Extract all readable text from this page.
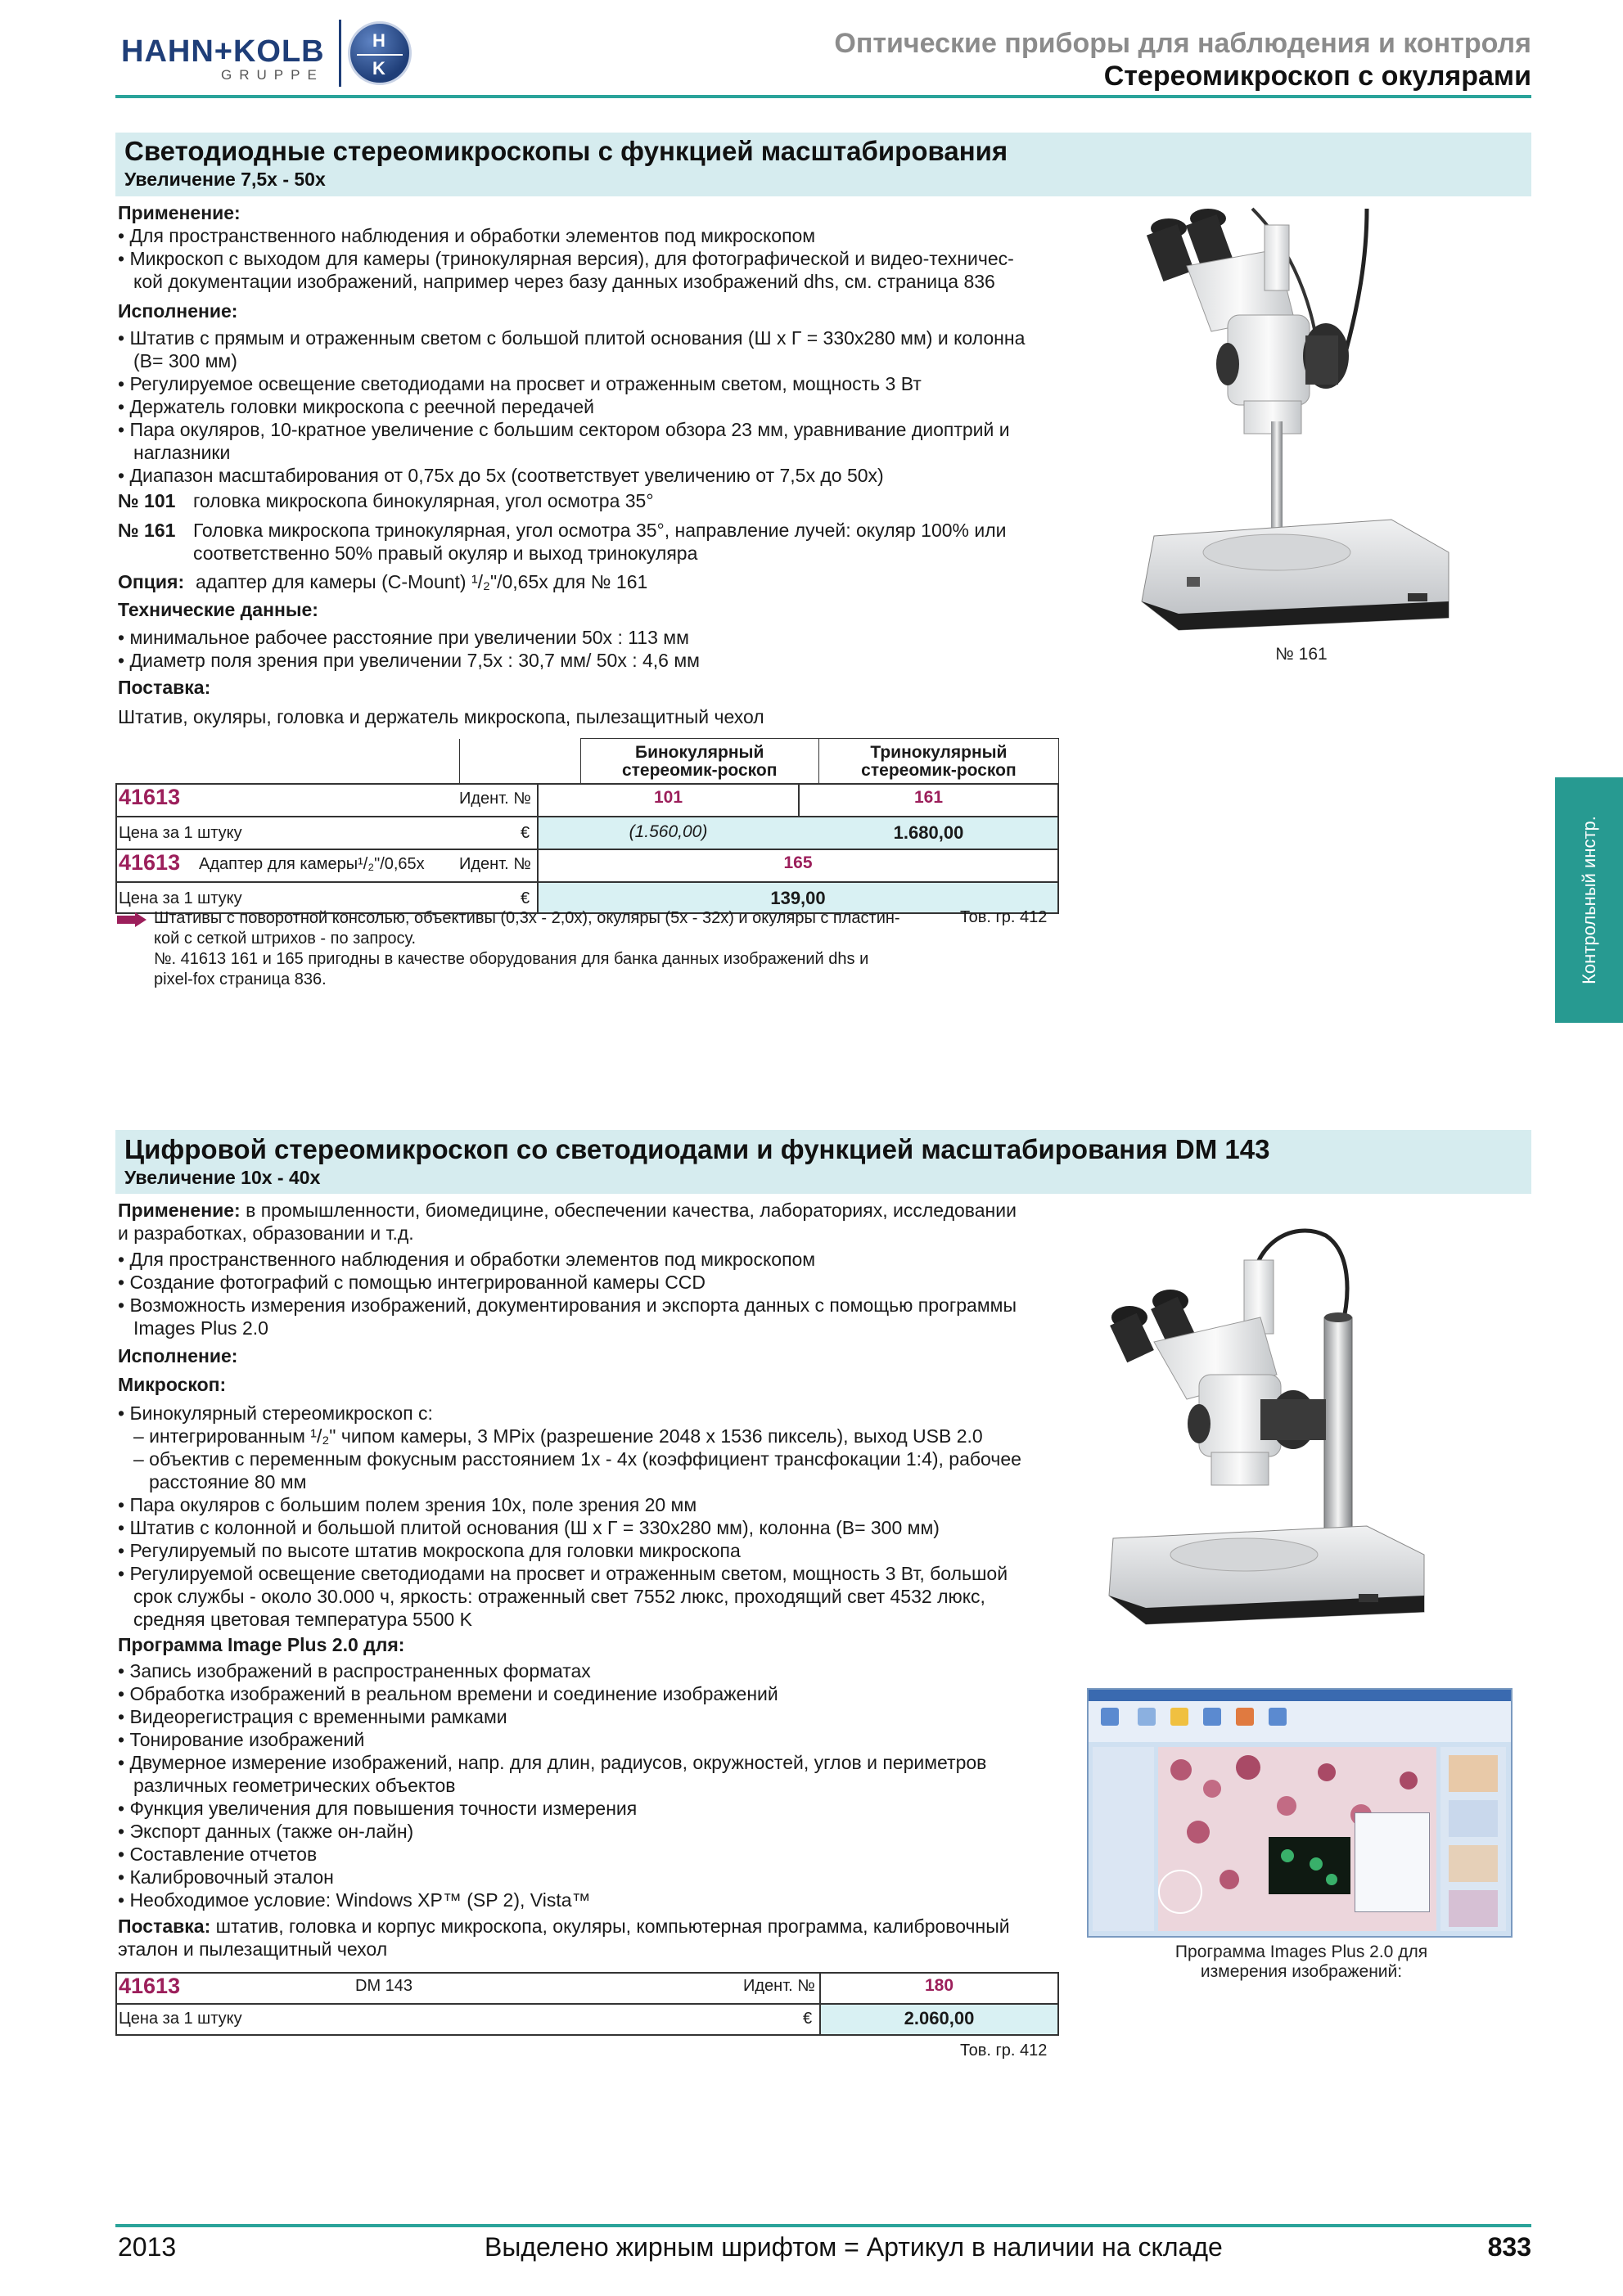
HAHN+KOLB
GRUPPE
H
K
Оптические приборы для наблюдения и контроля
Стереомикроскоп с окулярами
Контрольный инстр.
Светодиодные стереомикроскопы с функцией масштабирования
Увеличение 7,5x - 50x
Применение:
• Для пространственного наблюдения и обработки элементов под микроскопом
• Микроскоп с выходом для камеры (тринокулярная версия), для фотографической и видео-техничес-
кой документации изображений, например через базу данных изображений dhs, см. страница 836
Исполнение:
• Штатив с прямым и отраженным светом с большой плитой основания (Ш х Г = 330x280 мм) и колонна
(В= 300 мм)
• Регулируемое освещение светодиодами на просвет и отраженным светом, мощность 3 Вт
• Держатель головки микроскопа с реечной передачей
• Пара окуляров, 10-кратное увеличение с большим сектором обзора 23 мм, уравнивание диоптрий и
наглазники
• Диапазон масштабирования от 0,75x до 5x (соответствует увеличению от 7,5x до 50x)
№ 101 головка микроскопа бинокулярная, угол осмотра 35°
№ 161 Головка микроскопа тринокулярная, угол осмотра 35°, направление лучей: окуляр 100% или
соответственно 50% правый окуляр и выход тринокуляра
Опция: адаптер для камеры (C-Mount) ¹/₂"/0,65x для № 161
Технические данные:
• минимальное рабочее расстояние при увеличении 50x : 113 мм
• Диаметр поля зрения при увеличении 7,5x : 30,7 мм/ 50x : 4,6 мм
Поставка:
Штатив, окуляры, головка и держатель микроскопа, пылезащитный чехол
№ 161
		Бинокулярный стереомик-роскоп	Тринокулярный стереомик-роскоп
41613	Идент. №	101	161
Цена за 1 штуку	€	(1.560,00)	1.680,00
41613 Адаптер для камеры¹/₂"/0,65x Идент. №	165
Цена за 1 штуку	€	139,00
Штативы с поворотной консолью, объективы (0,3x - 2,0x), окуляры (5x - 32x) и окуляры с пластин-
кой с сеткой штрихов - по запросу.
№. 41613 161 и 165 пригодны в качестве оборудования для банка данных изображений dhs и
pixel-fox страница 836.
Тов. гр. 412
Цифровой стереомикроскоп со светодиодами и функцией масштабирования DM 143
Увеличение 10x - 40x
Применение: в промышленности, биомедицине, обеспечении качества, лабораториях, исследовании
и разработках, образовании и т.д.
• Для пространственного наблюдения и обработки элементов под микроскопом
• Создание фотографий с помощью интегрированной камеры CCD
• Возможность измерения изображений, документирования и экспорта данных с помощью программы
Images Plus 2.0
Исполнение:
Микроскоп:
• Бинокулярный стереомикроскоп с:
– интегрированным ¹/₂" чипом камеры, 3 MPix (разрешение 2048 x 1536 пиксель), выход USB 2.0
– объектив с переменным фокусным расстоянием 1x - 4x (коэффициент трансфокации 1:4), рабочее
расстояние 80 мм
• Пара окуляров с большим полем зрения 10x, поле зрения 20 мм
• Штатив с колонной и большой плитой основания (Ш x Г = 330x280 мм), колонна (В= 300 мм)
• Регулируемый по высоте штатив мокроскопа для головки микроскопа
• Регулируемой освещение светодиодами на просвет и отраженным светом, мощность 3 Вт, большой
срок службы - около 30.000 ч, яркость: отраженный свет 7552 люкс, проходящий свет 4532 люкс,
средняя цветовая температура 5500 K
Программа Image Plus 2.0 для:
• Запись изображений в распространенных форматах
• Обработка изображений в реальном времени и соединение изображений
• Видеорегистрация с временными рамками
• Тонирование изображений
• Двумерное измерение изображений, напр. для длин, радиусов, окружностей, углов и периметров
различных геометрических объектов
• Функция увеличения для повышения точности измерения
• Экспорт данных (также он-лайн)
• Составление отчетов
• Калибровочный эталон
• Необходимое условие: Windows XP™ (SP 2), Vista™
Поставка: штатив, головка и корпус микроскопа, окуляры, компьютерная программа, калибровочный
эталон и пылезащитный чехол	Программа Images Plus 2.0 для
измерения изображений:
41613	DM 143	Идент. №	180
Цена за 1 штуку	€	2.060,00
Тов. гр. 412
2013	Выделено жирным шрифтом = Артикул в наличии на складе	833
